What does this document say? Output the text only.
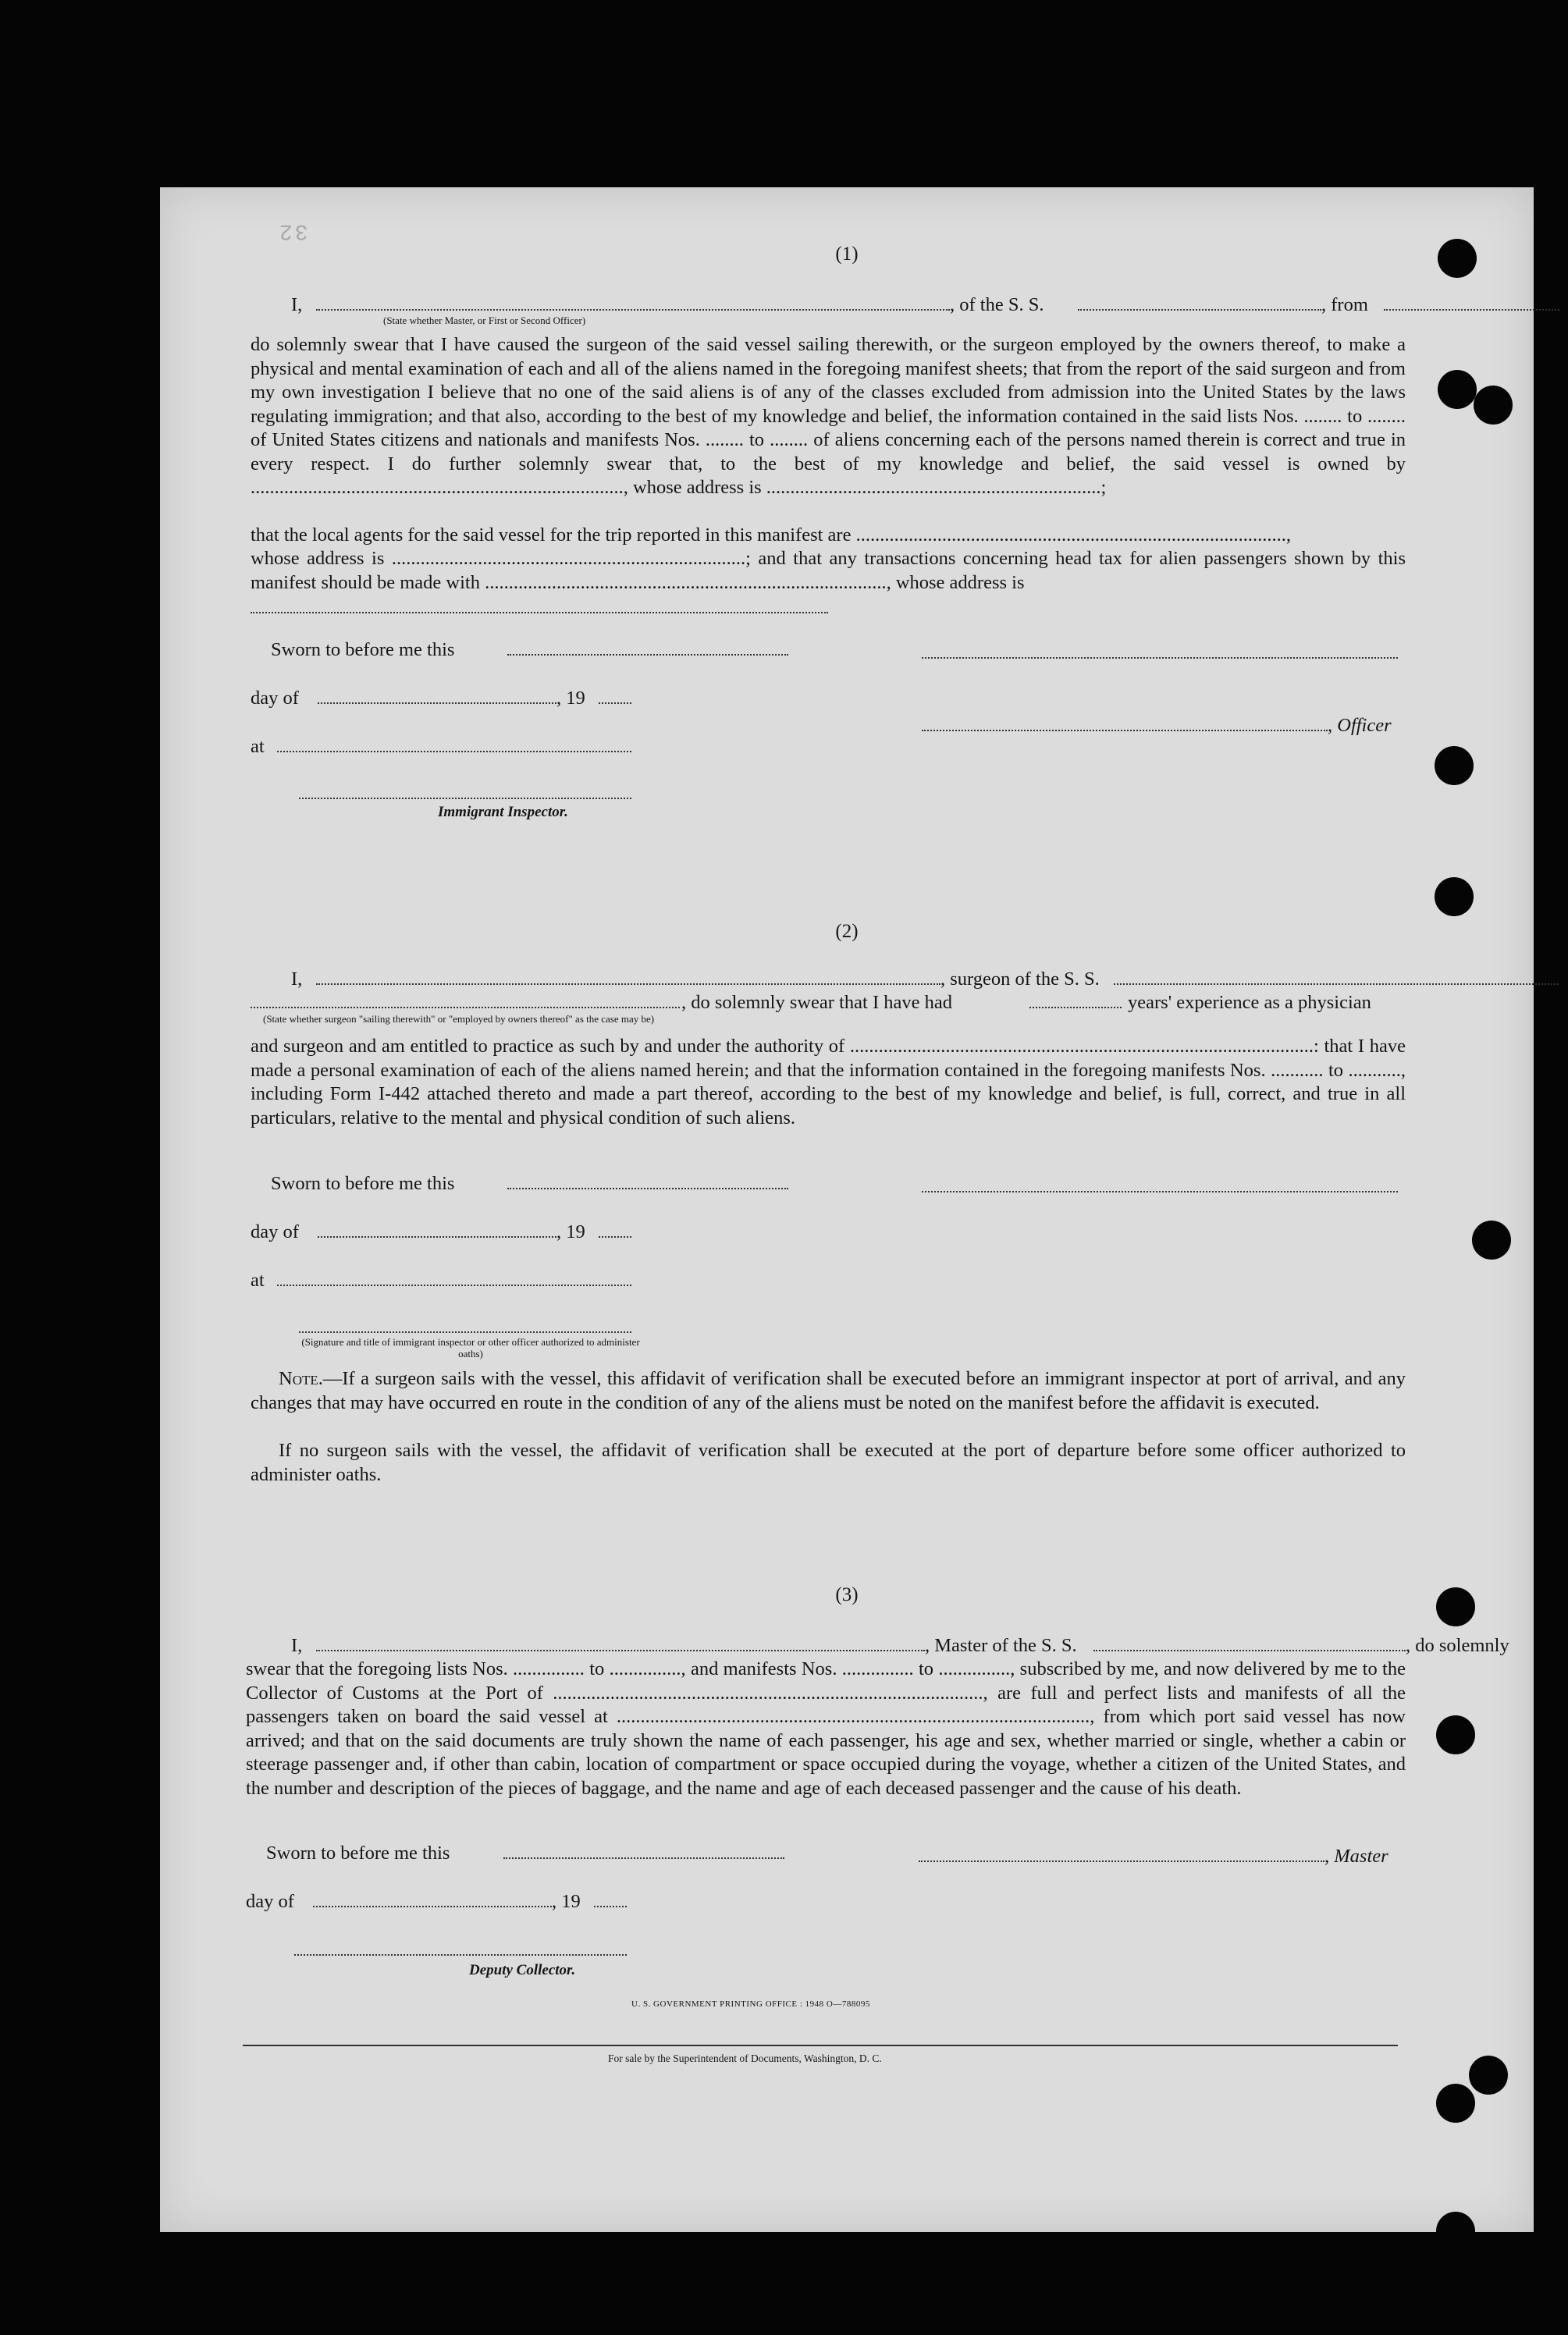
32

(1)
I,	, of the S. S.	, from
(State whether Master, or First or Second Officer)
do solemnly swear that I have caused the surgeon of the said vessel sailing therewith, or the surgeon employed by the owners thereof, to make a physical and mental examination of each and all of the aliens named in the foregoing manifest sheets; that from the report of the said surgeon and from my own investigation I believe that no one of the said aliens is of any of the classes excluded from admission into the United States by the laws regulating immigration; and that also, according to the best of my knowledge and belief, the information contained in the said lists Nos. ........ to ........ of United States citizens and nationals and manifests Nos. ........ to ........ of aliens concerning each of the persons named therein is correct and true in every respect. I do further solemnly swear that, to the best of my knowledge and belief, the said vessel is owned by .............................................................................., whose address is ......................................................................;
that the local agents for the said vessel for the trip reported in this manifest are ..........................................................................................,
whose address is ..........................................................................; and that any transactions concerning head tax for alien passengers shown by this manifest should be made with ...................................................................................., whose address is
Sworn to before me this
day of	, 19
, Officer
at
Immigrant Inspector.
(2)
I,	, surgeon of the S. S.
, do solemnly swear that I have had	years' experience as a physician
(State whether surgeon "sailing therewith" or "employed by owners thereof" as the case may be)
and surgeon and am entitled to practice as such by and under the authority of .................................................................................................: that I have made a personal examination of each of the aliens named herein; and that the information contained in the foregoing manifests Nos. ........... to ..........., including Form I-442 attached thereto and made a part thereof, according to the best of my knowledge and belief, is full, correct, and true in all particulars, relative to the mental and physical condition of such aliens.
Sworn to before me this
day of	, 19
at
(Signature and title of immigrant inspector or other officer authorized to administer oaths)
Note.—If a surgeon sails with the vessel, this affidavit of verification shall be executed before an immigrant inspector at port of arrival, and any changes that may have occurred en route in the condition of any of the aliens must be noted on the manifest before the affidavit is executed.
If no surgeon sails with the vessel, the affidavit of verification shall be executed at the port of departure before some officer authorized to administer oaths.
(3)
I,	, Master of the S. S.	, do solemnly
swear that the foregoing lists Nos. ............... to ..............., and manifests Nos. ............... to ..............., subscribed by me, and now delivered by me to the Collector of Customs at the Port of .........................................................................................., are full and perfect lists and manifests of all the passengers taken on board the said vessel at ..................................................................................................., from which port said vessel has now arrived; and that on the said documents are truly shown the name of each passenger, his age and sex, whether married or single, whether a cabin or steerage passenger and, if other than cabin, location of compartment or space occupied during the voyage, whether a citizen of the United States, and the number and description of the pieces of baggage, and the name and age of each deceased passenger and the cause of his death.
Sworn to before me this	, Master
day of	, 19
Deputy Collector.
U. S. GOVERNMENT PRINTING OFFICE : 1948 O—788095
For sale by the Superintendent of Documents, Washington, D. C.
